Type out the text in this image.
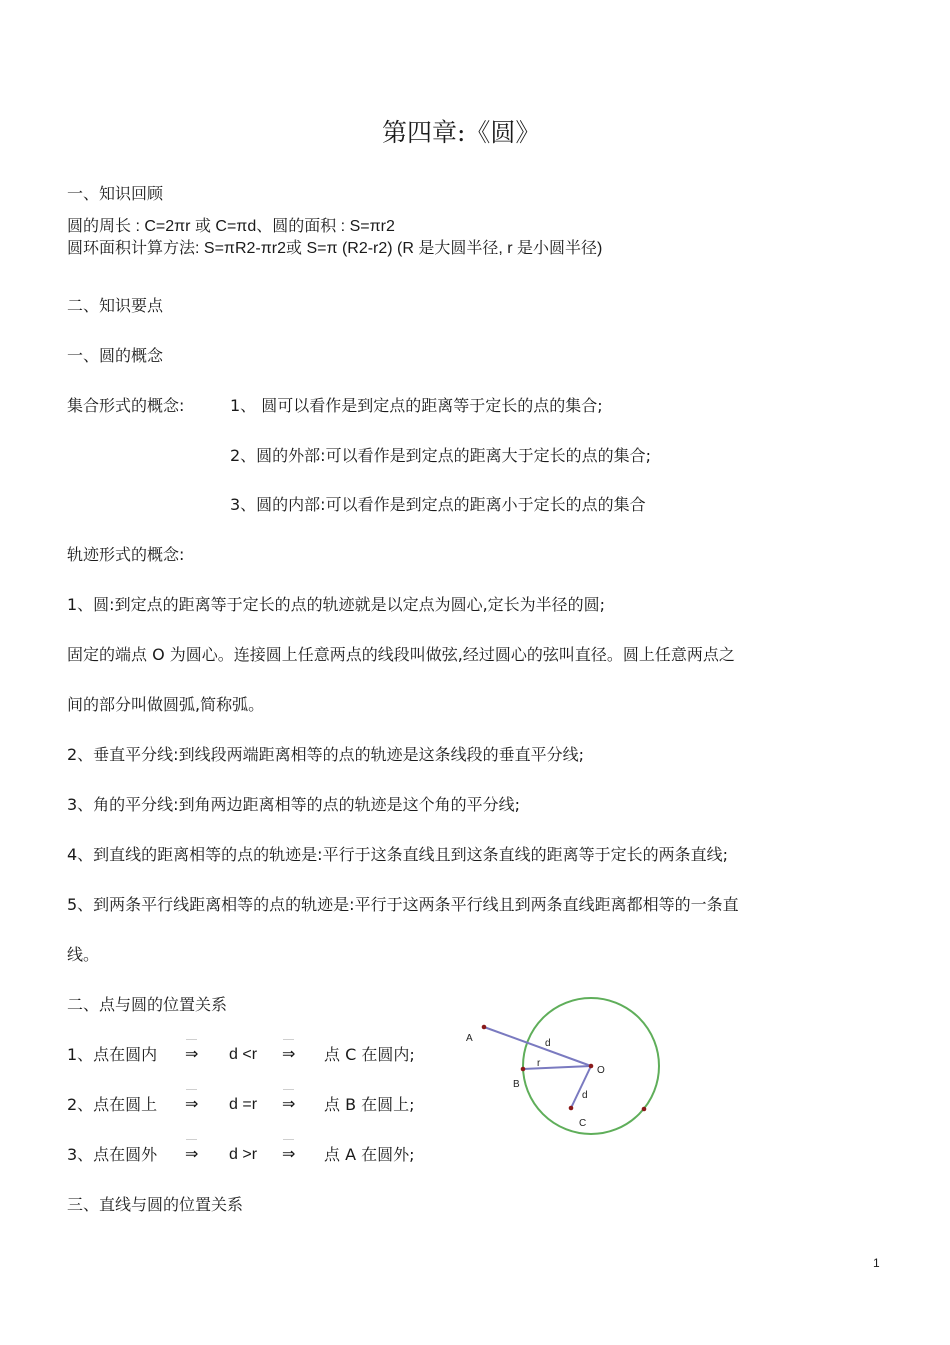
第四章:《圆》
一、知识回顾
圆的周长 : C=2πr 或 C=πd、圆的面积 : S=πr2
圆环面积计算方法: S=πR2-πr2或 S=π (R2-r2) (R 是大圆半径, r 是小圆半径)
二、知识要点
一、圆的概念
集合形式的概念:	1、 圆可以看作是到定点的距离等于定长的点的集合;
2、圆的外部:可以看作是到定点的距离大于定长的点的集合;
3、圆的内部:可以看作是到定点的距离小于定长的点的集合
轨迹形式的概念:
1、圆:到定点的距离等于定长的点的轨迹就是以定点为圆心,定长为半径的圆;
固定的端点 O 为圆心。连接圆上任意两点的线段叫做弦,经过圆心的弦叫直径。圆上任意两点之
间的部分叫做圆弧,简称弧。
2、垂直平分线:到线段两端距离相等的点的轨迹是这条线段的垂直平分线;
3、角的平分线:到角两边距离相等的点的轨迹是这个角的平分线;
4、到直线的距离相等的点的轨迹是:平行于这条直线且到这条直线的距离等于定长的两条直线;
5、到两条平行线距离相等的点的轨迹是:平行于这两条平行线且到两条直线距离都相等的一条直
线。
二、点与圆的位置关系
1、点在圆内 ⇒ d <r ⇒ 点 C 在圆内;
2、点在圆上 ⇒ d =r ⇒ 点 B 在圆上;
3、点在圆外 ⇒ d >r ⇒ 点 A 在圆外;
A
B
C
O
d
r
d
三、直线与圆的位置关系
1
